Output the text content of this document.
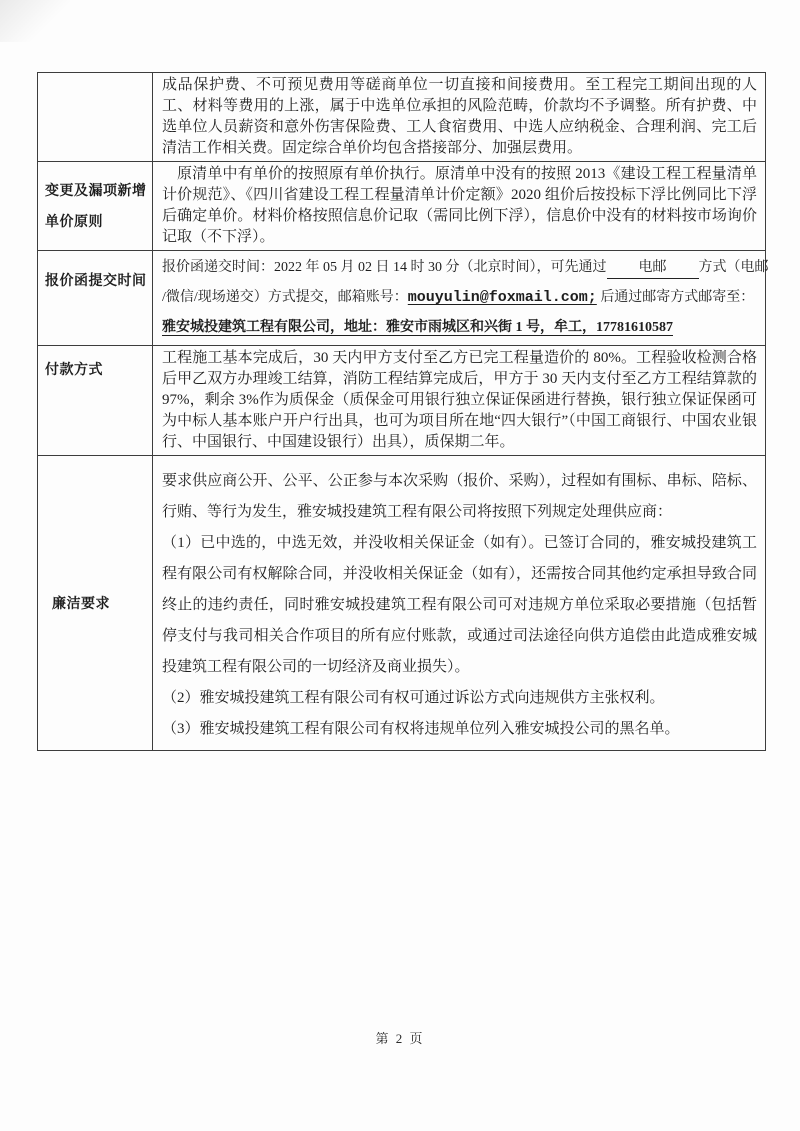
	成品保护费、不可预见费用等磋商单位一切直接和间接费用。至工程完工期间出现的人工、材料等费用的上涨，属于中选单位承担的风险范畴，价款均不予调整。所有护费、中选单位人员薪资和意外伤害保险费、工人食宿费用、中选人应纳税金、合理利润、完工后清洁工作相关费。固定综合单价均包含搭接部分、加强层费用。

变更及漏项新增单价原则	原清单中有单价的按照原有单价执行。原清单中没有的按照 2013《建设工程工程量清单计价规范》、《四川省建设工程工程量清单计价定额》2020 组价后按投标下浮比例同比下浮后确定单价。材料价格按照信息价记取（需同比例下浮），信息价中没有的材料按市场询价记取（不下浮）。

报价函提交时间	报价函递交时间：2022 年 05 月 02 日 14 时 30 分（北京时间），可先通过 电邮 方式（电邮
/微信/现场递交）方式提交，邮箱账号：mouyulin@foxmail.com; 后通过邮寄方式邮寄至：
雅安城投建筑工程有限公司，地址：雅安市雨城区和兴街 1 号，牟工，17781610587

付款方式	工程施工基本完成后，30 天内甲方支付至乙方已完工程量造价的 80%。工程验收检测合格后甲乙双方办理竣工结算，消防工程结算完成后，甲方于 30 天内支付至乙方工程结算款的 97%，剩余 3%作为质保金（质保金可用银行独立保证保函进行替换，银行独立保证保函可为中标人基本账户开户行出具，也可为项目所在地“四大银行”（中国工商银行、中国农业银行、中国银行、中国建设银行）出具），质保期二年。

廉洁要求	要求供应商公开、公平、公正参与本次采购（报价、采购），过程如有围标、串标、陪标、行贿、等行为发生，雅安城投建筑工程有限公司将按照下列规定处理供应商：

（1）已中选的，中选无效，并没收相关保证金（如有）。已签订合同的，雅安城投建筑工程有限公司有权解除合同，并没收相关保证金（如有），还需按合同其他约定承担导致合同终止的违约责任，同时雅安城投建筑工程有限公司可对违规方单位采取必要措施（包括暂停支付与我司相关合作项目的所有应付账款，或通过司法途径向供方追偿由此造成雅安城投建筑工程有限公司的一切经济及商业损失）。

（2）雅安城投建筑工程有限公司有权可通过诉讼方式向违规供方主张权利。

（3）雅安城投建筑工程有限公司有权将违规单位列入雅安城投公司的黑名单。

第 2 页
